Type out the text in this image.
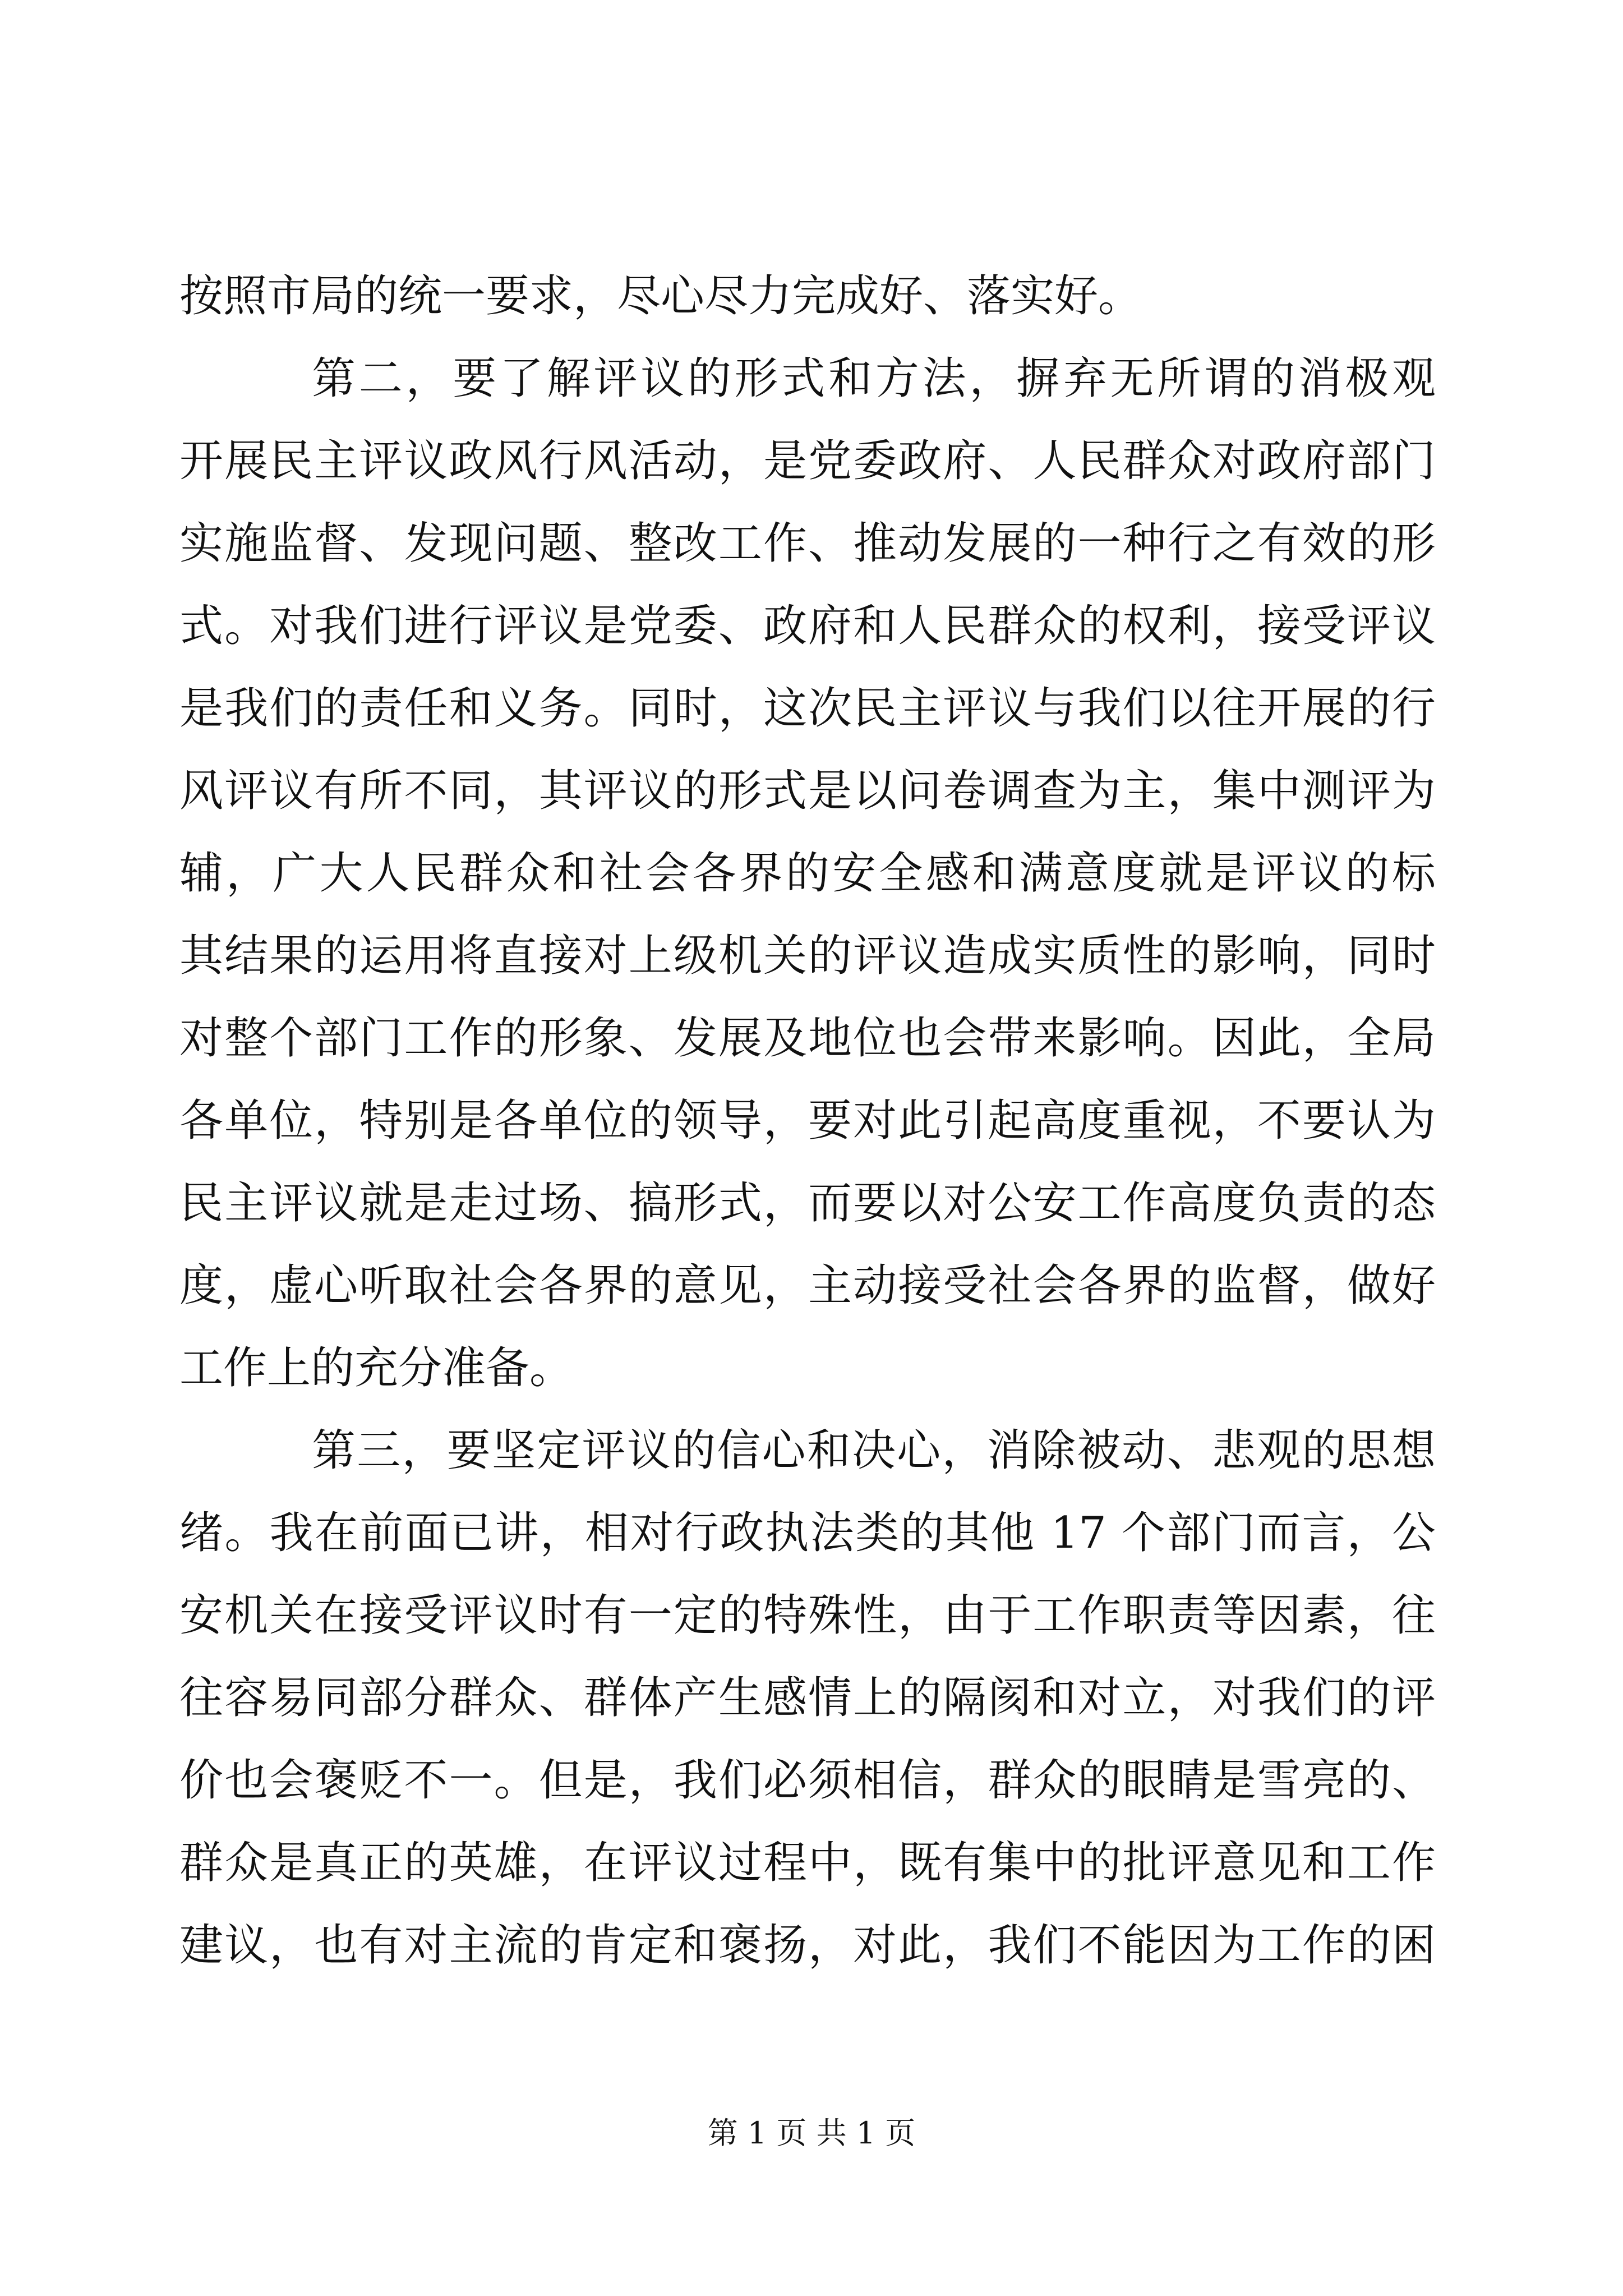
按照市局的统一要求，尽心尽力完成好、落实好。
第二，要了解评议的形式和方法，摒弃无所谓的消极观
开展民主评议政风行风活动，是党委政府、人民群众对政府部门
实施监督、发现问题、整改工作、推动发展的一种行之有效的形
式。对我们进行评议是党委、政府和人民群众的权利，接受评议
是我们的责任和义务。同时，这次民主评议与我们以往开展的行
风评议有所不同，其评议的形式是以问卷调查为主，集中测评为
辅，广大人民群众和社会各界的安全感和满意度就是评议的标
其结果的运用将直接对上级机关的评议造成实质性的影响，同时
对整个部门工作的形象、发展及地位也会带来影响。因此，全局
各单位，特别是各单位的领导，要对此引起高度重视，不要认为
民主评议就是走过场、搞形式，而要以对公安工作高度负责的态
度，虚心听取社会各界的意见，主动接受社会各界的监督，做好
工作上的充分准备。
第三，要坚定评议的信心和决心，消除被动、悲观的思想
绪。我在前面已讲，相对行政执法类的其他 17 个部门而言，公
安机关在接受评议时有一定的特殊性，由于工作职责等因素，往
往容易同部分群众、群体产生感情上的隔阂和对立，对我们的评
价也会褒贬不一。但是，我们必须相信，群众的眼睛是雪亮的、
群众是真正的英雄，在评议过程中，既有集中的批评意见和工作
建议，也有对主流的肯定和褒扬，对此，我们不能因为工作的困
第 1 页 共 1 页
